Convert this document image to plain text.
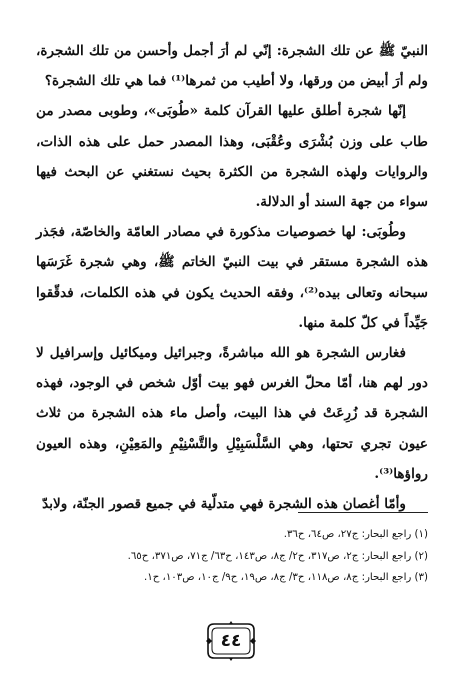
النبيّ ﷺ عن تلك الشجرة: إنّي لم أرَ أجمل وأحسن من تلك الشجرة، ولم أرَ أبيض من ورقها، ولا أطيب من ثمرها⁽¹⁾ فما هي تلك الشجرة؟

إنّها شجرة أطلق عليها القرآن كلمة «طُوبَى»، وطوبى مصدر من طاب على وزن بُشْرَى وعُقْبَى، وهذا المصدر حمل على هذه الذات، والروايات ولهذه الشجرة من الكثرة بحيث نستغني عن البحث فيها سواء من جهة السند أو الدلالة.

وطُوبَى: لها خصوصيات مذكورة في مصادر العامّة والخاصّة، فجَذر هذه الشجرة مستقر في بيت النبيّ الخاتم ﷺ، وهي شجرة غَرَسَها سبحانه وتعالى بيده⁽²⁾، وفقه الحديث يكون في هذه الكلمات، فدقّقوا جَيِّداً في كلّ كلمة منها.

فغارس الشجرة هو الله مباشرةً، وجبرائيل وميكائيل وإسرافيل لا دور لهم هنا، أمّا محلّ الغرس فهو بيت أوّل شخص في الوجود، فهذه الشجرة قد زُرِعَتْ في هذا البيت، وأصل ماء هذه الشجرة من ثلاث عيون تجري تحتها، وهي السَّلْسَبِيْلِ والتَّسْنِيْمِ والمَعِيْنِ، وهذه العيون رواؤها⁽³⁾.

وأمّا أغصان هذه الشجرة فهي متدلّية في جميع قصور الجنّة، ولابدّ

(١) راجع البحار: ج٢٧، ص٦٤، ح٣٦.
(٢) راجع البحار: ج٢، ص٣١٧، ح٢/ ج٨، ص١٤٣، ح٦٣/ ج٧١، ص٣٧١، ح٦٥.
(٣) راجع البحار: ج٨، ص١١٨، ح٣/ ج٨، ص١٩، ح٩/ ج١٠، ص١٠٣، ح١.
٤٤
